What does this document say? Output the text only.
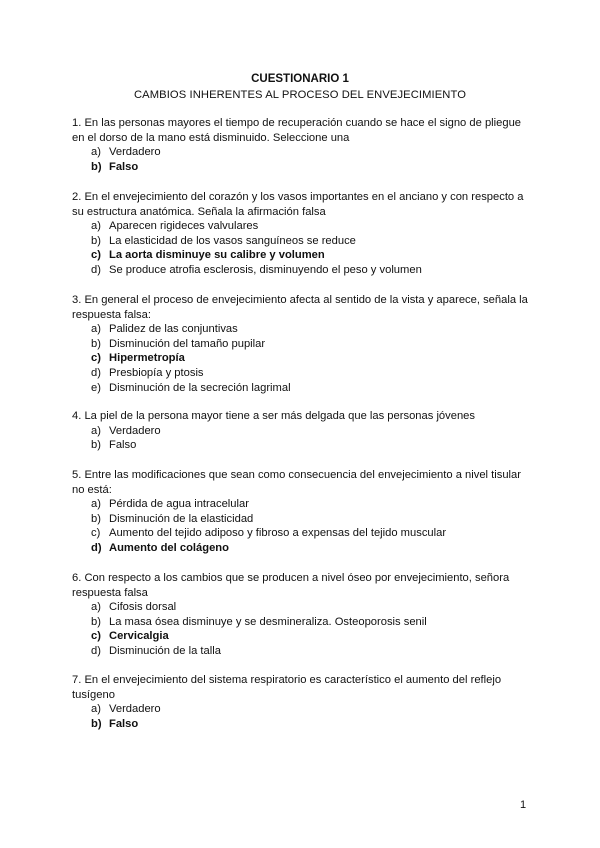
CUESTIONARIO 1
CAMBIOS INHERENTES AL PROCESO DEL ENVEJECIMIENTO
1. En las personas mayores el tiempo de recuperación cuando se hace el signo de pliegue en el dorso de la mano está disminuido. Seleccione una
a) Verdadero
b) Falso
2. En el envejecimiento del corazón y los vasos importantes en el anciano y con respecto a su estructura anatómica. Señala la afirmación falsa
a) Aparecen rigideces valvulares
b) La elasticidad de los vasos sanguíneos se reduce
c) La aorta disminuye su calibre y volumen
d) Se produce atrofia esclerosis, disminuyendo el peso y volumen
3. En general el proceso de envejecimiento afecta al sentido de la vista y aparece, señala la respuesta falsa:
a) Palidez de las conjuntivas
b) Disminución del tamaño pupilar
c) Hipermetropía
d) Presbiopía y ptosis
e) Disminución de la secreción lagrimal
4. La piel de la persona mayor tiene a ser más delgada que las personas jóvenes
a) Verdadero
b) Falso
5. Entre las modificaciones que sean como consecuencia del envejecimiento a nivel tisular no está:
a) Pérdida de agua intracelular
b) Disminución de la elasticidad
c) Aumento del tejido adiposo y fibroso a expensas del tejido muscular
d) Aumento del colágeno
6. Con respecto a los cambios que se producen a nivel óseo por envejecimiento, señora respuesta falsa
a) Cifosis dorsal
b) La masa ósea disminuye y se desmineraliza. Osteoporosis senil
c) Cervicalgia
d) Disminución de la talla
7. En el envejecimiento del sistema respiratorio es característico el aumento del reflejo tusígeno
a) Verdadero
b) Falso
1
